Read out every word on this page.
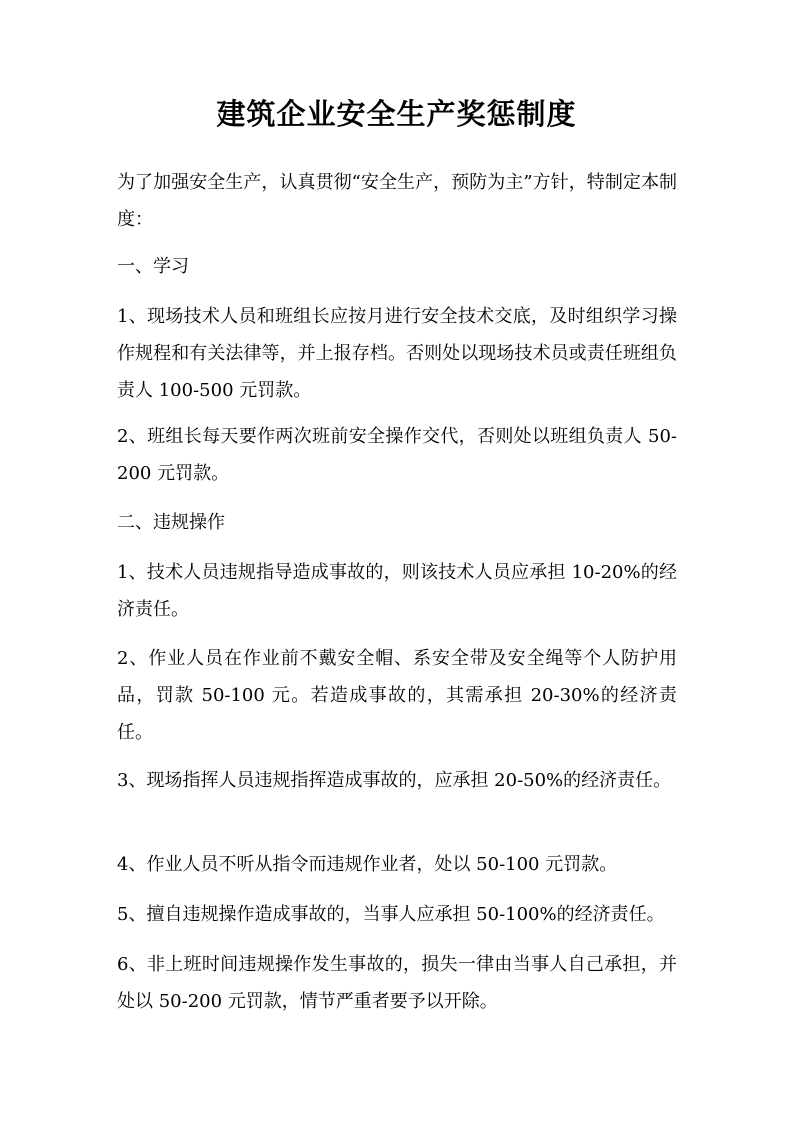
建筑企业安全生产奖惩制度

为了加强安全生产，认真贯彻“安全生产，预防为主”方针，特制定本制度：

一、学习

1、现场技术人员和班组长应按月进行安全技术交底，及时组织学习操作规程和有关法律等，并上报存档。否则处以现场技术员或责任班组负责人 100-500 元罚款。

2、班组长每天要作两次班前安全操作交代，否则处以班组负责人 50-200 元罚款。

二、违规操作

1、技术人员违规指导造成事故的，则该技术人员应承担 10-20%的经济责任。

2、作业人员在作业前不戴安全帽、系安全带及安全绳等个人防护用品，罚款 50-100 元。若造成事故的，其需承担 20-30%的经济责任。

3、现场指挥人员违规指挥造成事故的，应承担 20-50%的经济责任。

4、作业人员不听从指令而违规作业者，处以 50-100 元罚款。

5、擅自违规操作造成事故的，当事人应承担 50-100%的经济责任。

6、非上班时间违规操作发生事故的，损失一律由当事人自己承担，并处以 50-200 元罚款，情节严重者要予以开除。
